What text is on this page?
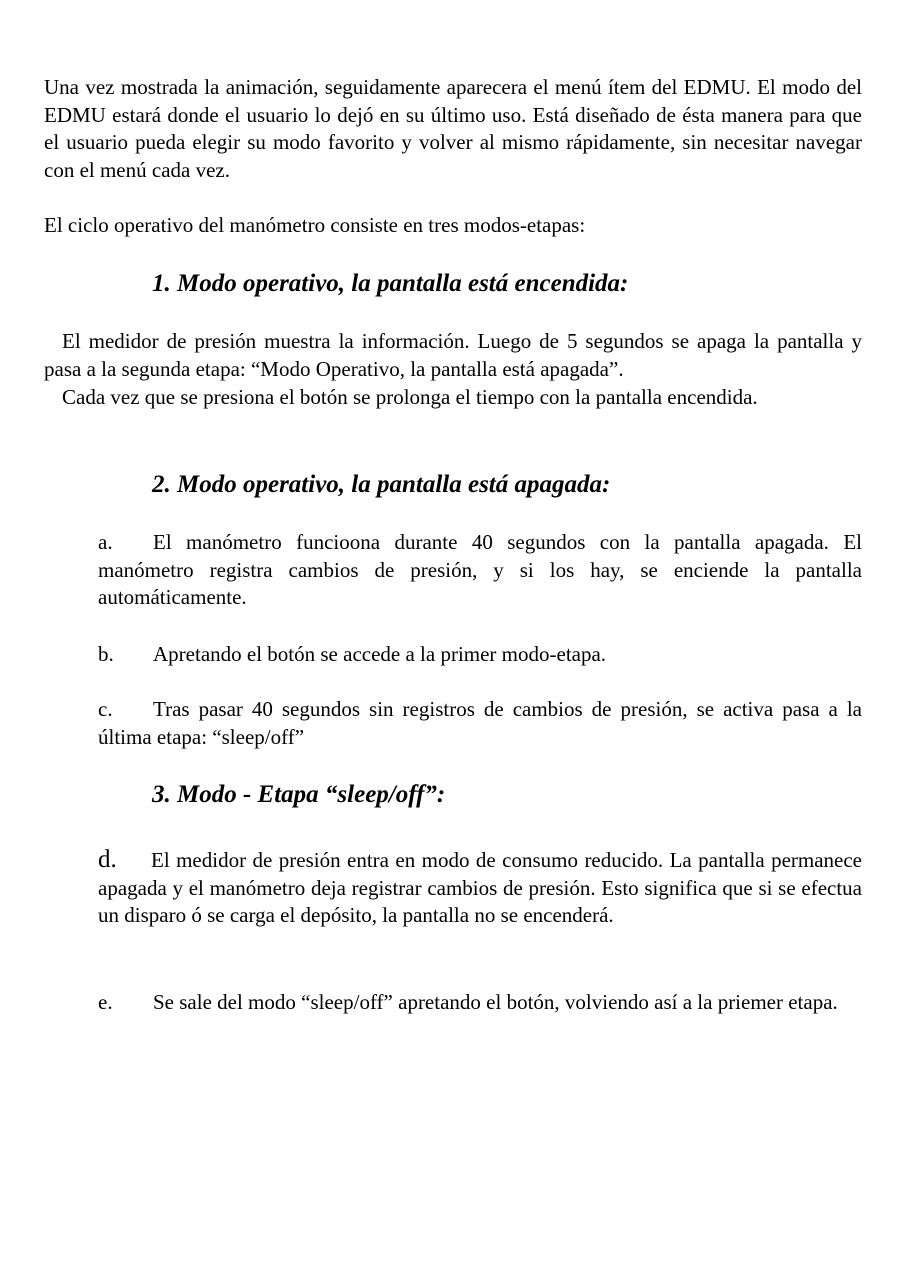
Una vez mostrada la animación, seguidamente aparecera el menú ítem del EDMU. El modo del EDMU estará donde el usuario lo dejó en su último uso. Está diseñado de ésta manera para que el usuario pueda elegir su modo favorito y volver al mismo rápidamente, sin necesitar navegar con el menú cada vez.

El ciclo operativo del manómetro consiste en tres modos-etapas:

1. Modo operativo, la pantalla está encendida:

El medidor de presión muestra la información. Luego de 5 segundos se apaga la pantalla y pasa a la segunda etapa: “Modo Operativo, la pantalla está apagada”.

Cada vez que se presiona el botón se prolonga el tiempo con la pantalla encendida.

2. Modo operativo, la pantalla está apagada:

a. El manómetro funcioona durante 40 segundos con la pantalla apagada. El manómetro registra cambios de presión, y si los hay, se enciende la pantalla automáticamente.

b. Apretando el botón se accede a la primer modo-etapa.

c. Tras pasar 40 segundos sin registros de cambios de presión, se activa pasa a la última etapa: “sleep/off”

3. Modo - Etapa “sleep/off”:

d. El medidor de presión entra en modo de consumo reducido. La pantalla permanece apagada y el manómetro deja registrar cambios de presión. Esto significa que si se efectua un disparo ó se carga el depósito, la pantalla no se encenderá.

e. Se sale del modo “sleep/off” apretando el botón, volviendo así a la priemer etapa.
